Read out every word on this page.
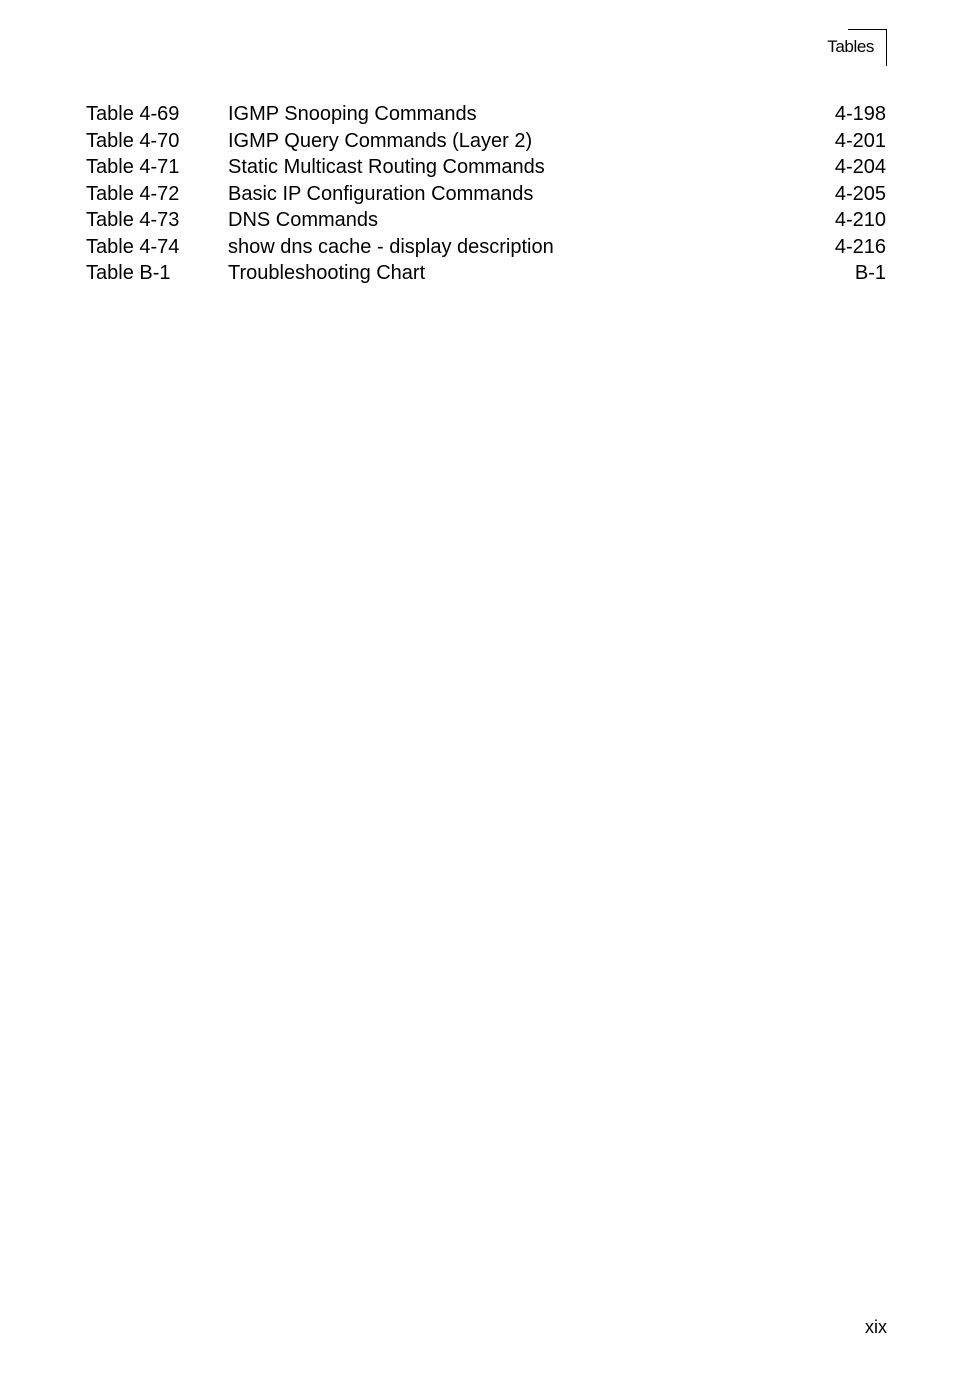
Tables
Table 4-69 IGMP Snooping Commands	4-198
Table 4-70 IGMP Query Commands (Layer 2)	4-201
Table 4-71 Static Multicast Routing Commands	4-204
Table 4-72 Basic IP Configuration Commands	4-205
Table 4-73 DNS Commands	4-210
Table 4-74 show dns cache - display description	4-216
Table B-1	Troubleshooting Chart	B-1
xix
